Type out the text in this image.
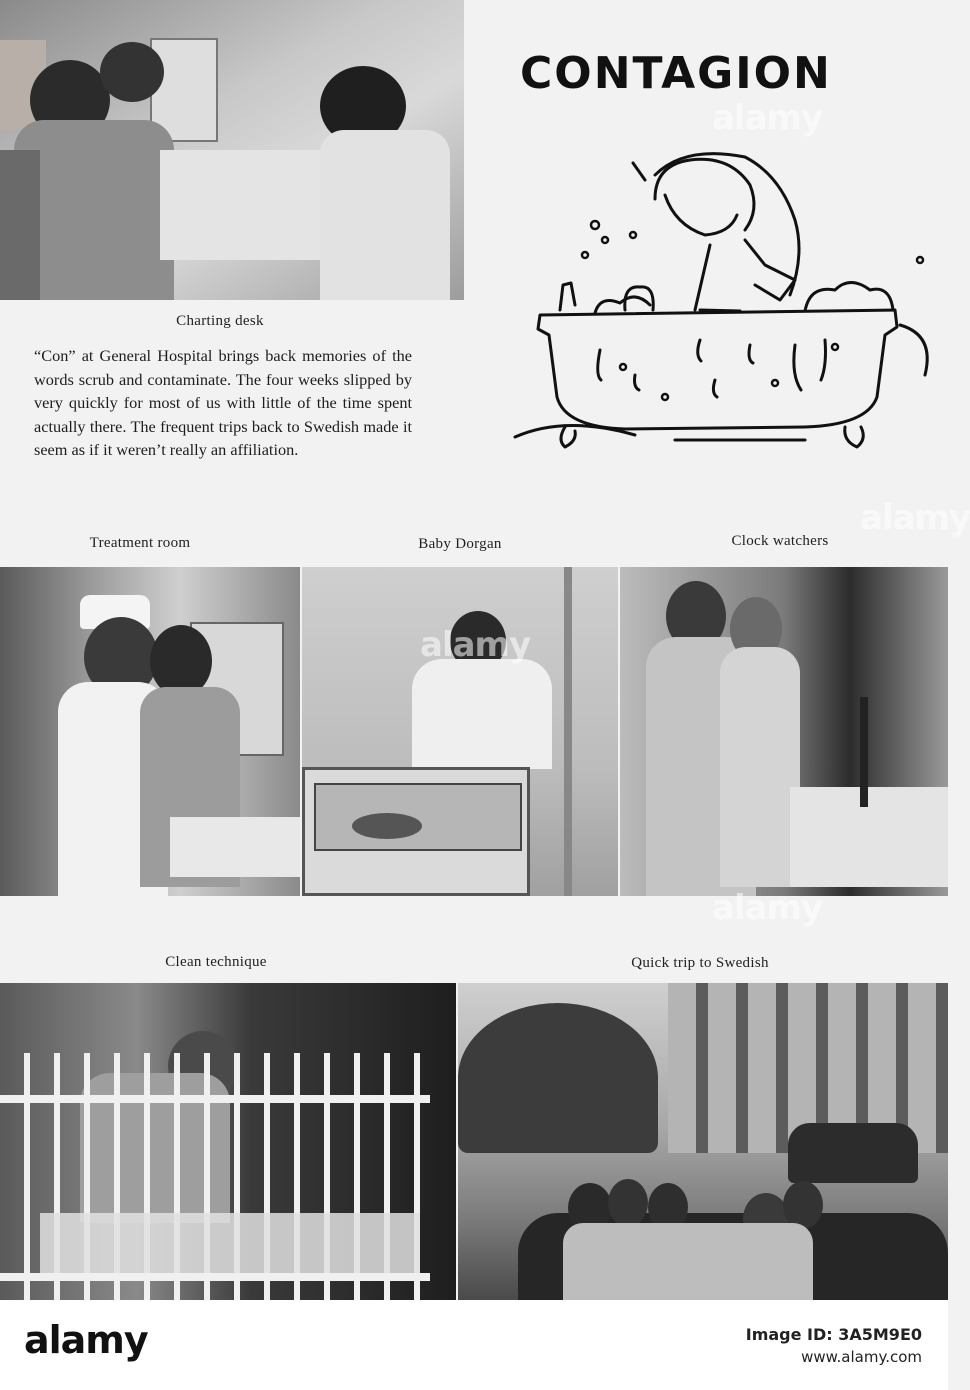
Charting desk
“Con” at General Hospital brings back memories of the words scrub and contaminate. The four weeks slipped by very quickly for most of us with little of the time spent actually there. The frequent trips back to Swedish made it seem as if it weren’t really an affiliation.
CONTAGION
Treatment room	Baby Dorgan	Clock watchers
Clean technique	Quick trip to Swedish
alamy
alamy
alamy
alamy
alamy	Image ID: 3A5M9E0
www.alamy.com
